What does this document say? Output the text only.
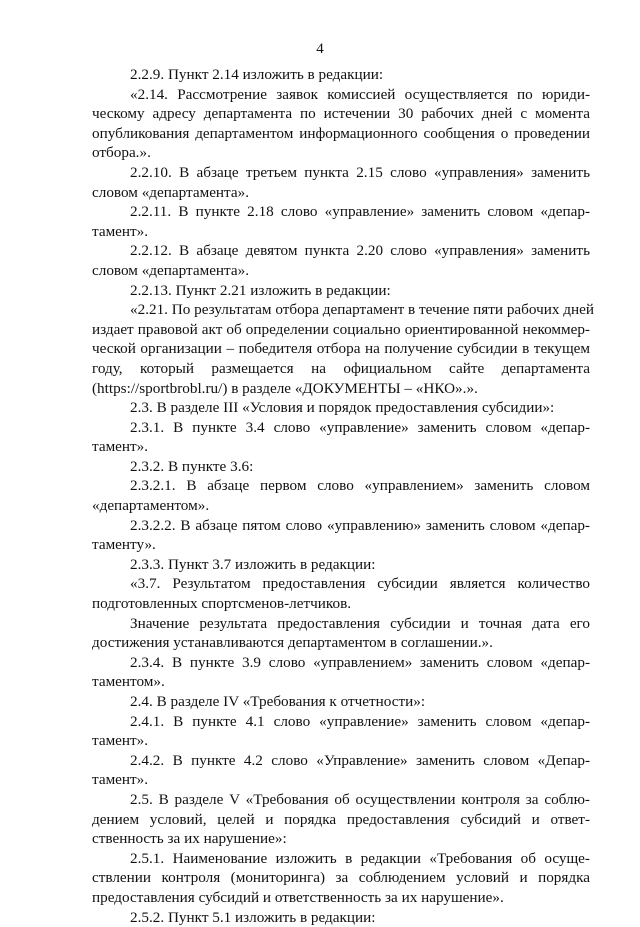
4
2.2.9. Пункт 2.14 изложить в редакции:
«2.14. Рассмотрение заявок комиссией осуществляется по юриди-
ческому адресу департамента по истечении 30 рабочих дней с момента
опубликования департаментом информационного сообщения о проведении
отбора.».
2.2.10. В абзаце третьем пункта 2.15 слово «управления» заменить
словом «департамента».
2.2.11. В пункте 2.18 слово «управление» заменить словом «депар-
тамент».
2.2.12. В абзаце девятом пункта 2.20 слово «управления» заменить
словом «департамента».
2.2.13. Пункт 2.21 изложить в редакции:
«2.21. По результатам отбора департамент в течение пяти рабочих дней
издает правовой акт об определении социально ориентированной некоммер-
ческой организации – победителя отбора на получение субсидии в текущем
году, который размещается на официальном сайте департамента
(https://sportbrobl.ru/) в разделе «ДОКУМЕНТЫ – «НКО».».
2.3. В разделе III «Условия и порядок предоставления субсидии»:
2.3.1. В пункте 3.4 слово «управление» заменить словом «депар-
тамент».
2.3.2. В пункте 3.6:
2.3.2.1. В абзаце первом слово «управлением» заменить словом
«департаментом».
2.3.2.2. В абзаце пятом слово «управлению» заменить словом «депар-
таменту».
2.3.3. Пункт 3.7 изложить в редакции:
«3.7. Результатом предоставления субсидии является количество
подготовленных спортсменов-летчиков.
Значение результата предоставления субсидии и точная дата его
достижения устанавливаются департаментом в соглашении.».
2.3.4. В пункте 3.9 слово «управлением» заменить словом «депар-
таментом».
2.4. В разделе IV «Требования к отчетности»:
2.4.1. В пункте 4.1 слово «управление» заменить словом «депар-
тамент».
2.4.2. В пункте 4.2 слово «Управление» заменить словом «Депар-
тамент».
2.5. В разделе V «Требования об осуществлении контроля за соблю-
дением условий, целей и порядка предоставления субсидий и ответ-
ственность за их нарушение»:
2.5.1. Наименование изложить в редакции «Требования об осуще-
ствлении контроля (мониторинга) за соблюдением условий и порядка
предоставления субсидий и ответственность за их нарушение».
2.5.2. Пункт 5.1 изложить в редакции:
